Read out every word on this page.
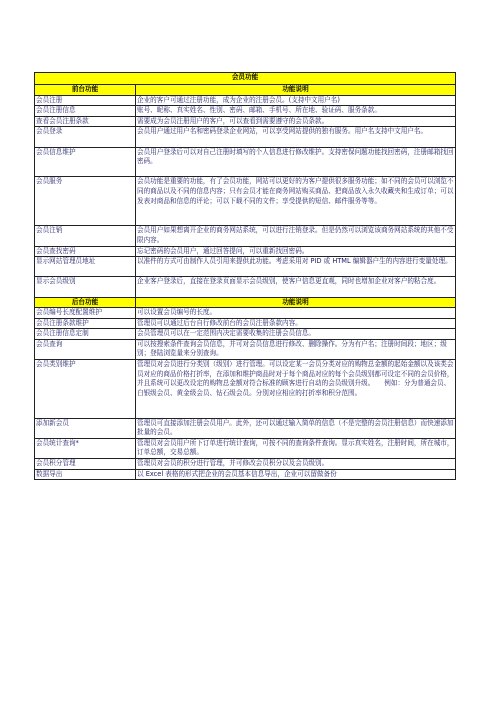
会员功能	
前台功能	功能说明
会员注册	企业的客户可通过注册功能，成为企业的注册会员。(支持中文用户名)
会员注册信息	账号、昵称、真实姓名、性别、密码、邮箱、手机号、所在地、验证码、服务条款。
查看会员注册条款	需要成为会员注册用户的客户，可以查看到需要遵守的会员条款。
会员登录	会员用户通过用户名和密码登录企业网站，可以享受网站提供的独有服务。用户名支持中文用户名。
会员信息维护	会员用户登录后可以对自己注册时填写的个人信息进行修改维护。支持密保问题功能找回密码，注册邮箱找回密码。
会员服务	会员功能是重要的功能，有了会员功能，网站可以更好的为客户提供很多服务功能；如不同的会员可以浏览不同的商品以及不同的信息内容；只有会员才能在商务网站购买商品、把商品放入永久收藏夹和生成订单；可以发表对商品和信息的评论；可以下载不同的文件；享受提供的短信、邮件服务等等。
会员注销	会员用户如果想离开企业的商务网站系统，可以进行注销登录。但是仍然可以浏览该商务网站系统的其他不受限内容。
会员查找密码	忘记密码的会员用户，通过回答提问，可以重新找回密码。
显示网站管理员地址	以准件的方式可由制作人员引用来提供此功能。考虑采用对 PID 或 HTML 编辑器户生的内容进行变量处理。
显示会员级别	企业客户登录后，直接在登录页面显示会员级别，使客户信息更直观，同时也增加企业对客户的粘合度。
后台功能	功能说明
会员编号长度配置维护	可以设置会员编号的长度。
会员注册条款维护	管理员可以通过后台自行修改前台的会员注册条款内容。
会员注册信息定制	会员管理员可以在一定范围内决定需要收集的注册会员信息。
会员查询	可以按搜索条件查询会员信息，并可对会员信息进行修改、删除操作。分为有户名；注册时间段；地区；级别；登陆浏览量来分别查询。
会员类别维护	管理员对会员进行分类别（级别）进行管理。可以设定某一会员分类对应的购物总金额的起始金额以及该类会员对应的商品价格打折率，在添加和维护商品时对于每个商品对应的每个会员级别都可设定不同的会员价格，并且系统可以更改设定的购物总金额对符合标准的顾客进行自动的会员级别升级。　　例如：分为普通会员、白银级会员、黄金级会员、钻石级会员。分别对应相应的打折率和积分范围。
添加新会员	管理员可直接添加注册会员用户。此外，还可以通过输入简单的信息（不是完整的会员注册信息）而快速添加批量的会员。
会员统计查询*	管理员对会员用户所下订单进行统计查询，可按不同的查询条件查询。显示真实姓名，注册时间，所在城市，订单总额，交易总额。
会员积分管理	管理员对会员的积分进行管理，并可修改会员积分以及会员级别。
数据导出	以 Excel 表格的形式把企业的会员基本信息导出，企业可以留做备份
